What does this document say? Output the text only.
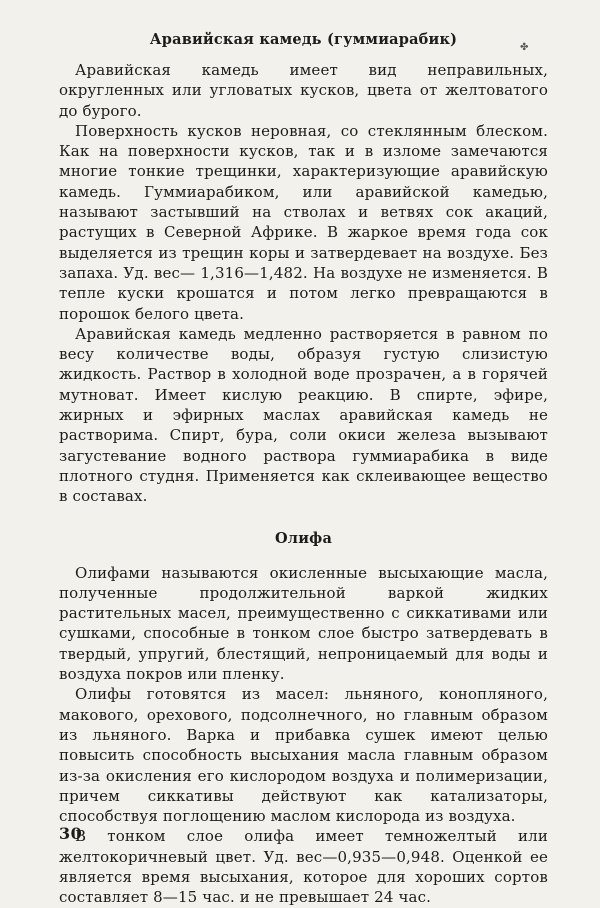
✤
Аравийская камедь (гуммиарабик)

Аравийская камедь имеет вид неправильных, округленных или угловатых кусков, цвета от желтоватого до бурого.

Поверхность кусков неровная, со стеклянным блеском. Как на поверхности кусков, так и в изломе замечаются многие тонкие трещинки, характеризующие аравийскую камедь. Гуммиарабиком, или аравийской камедью, называют застывший на стволах и ветвях сок акаций, растущих в Северной Африке. В жаркое время года сок выделяется из трещин коры и затвердевает на воздухе. Без запаха. Уд. вес— 1,316—1,482. На воздухе не изменяется. В тепле куски крошатся и потом легко превращаются в порошок белого цвета.

Аравийская камедь медленно растворяется в равном по весу количестве воды, образуя густую слизистую жидкость. Раствор в холодной воде прозрачен, а в горячей мутноват. Имеет кислую реакцию. В спирте, эфире, жирных и эфирных маслах аравийская камедь не растворима. Спирт, бура, соли окиси железа вызывают загустевание водного раствора гуммиарабика в виде плотного студня. Применяется как склеивающее вещество в составах.

Олифа

Олифами называются окисленные высыхающие масла, полученные продолжительной варкой жидких растительных масел, преимущественно с сиккативами или сушками, способные в тонком слое быстро затвердевать в твердый, упругий, блестящий, непроницаемый для воды и воздуха покров или пленку.

Олифы готовятся из масел: льняного, конопляного, макового, орехового, подсолнечного, но главным образом из льняного. Варка и прибавка сушек имеют целью повысить способность высыхания масла главным образом из-за окисления его кислородом воздуха и полимеризации, причем сиккативы действуют как катализаторы, способствуя поглощению маслом кислорода из воздуха.

В тонком слое олифа имеет темножелтый или желтокоричневый цвет. Уд. вес—0,935—0,948. Оценкой ее является время высыхания, которое для хороших сортов составляет 8—15 час. и не превышает 24 час.

30
